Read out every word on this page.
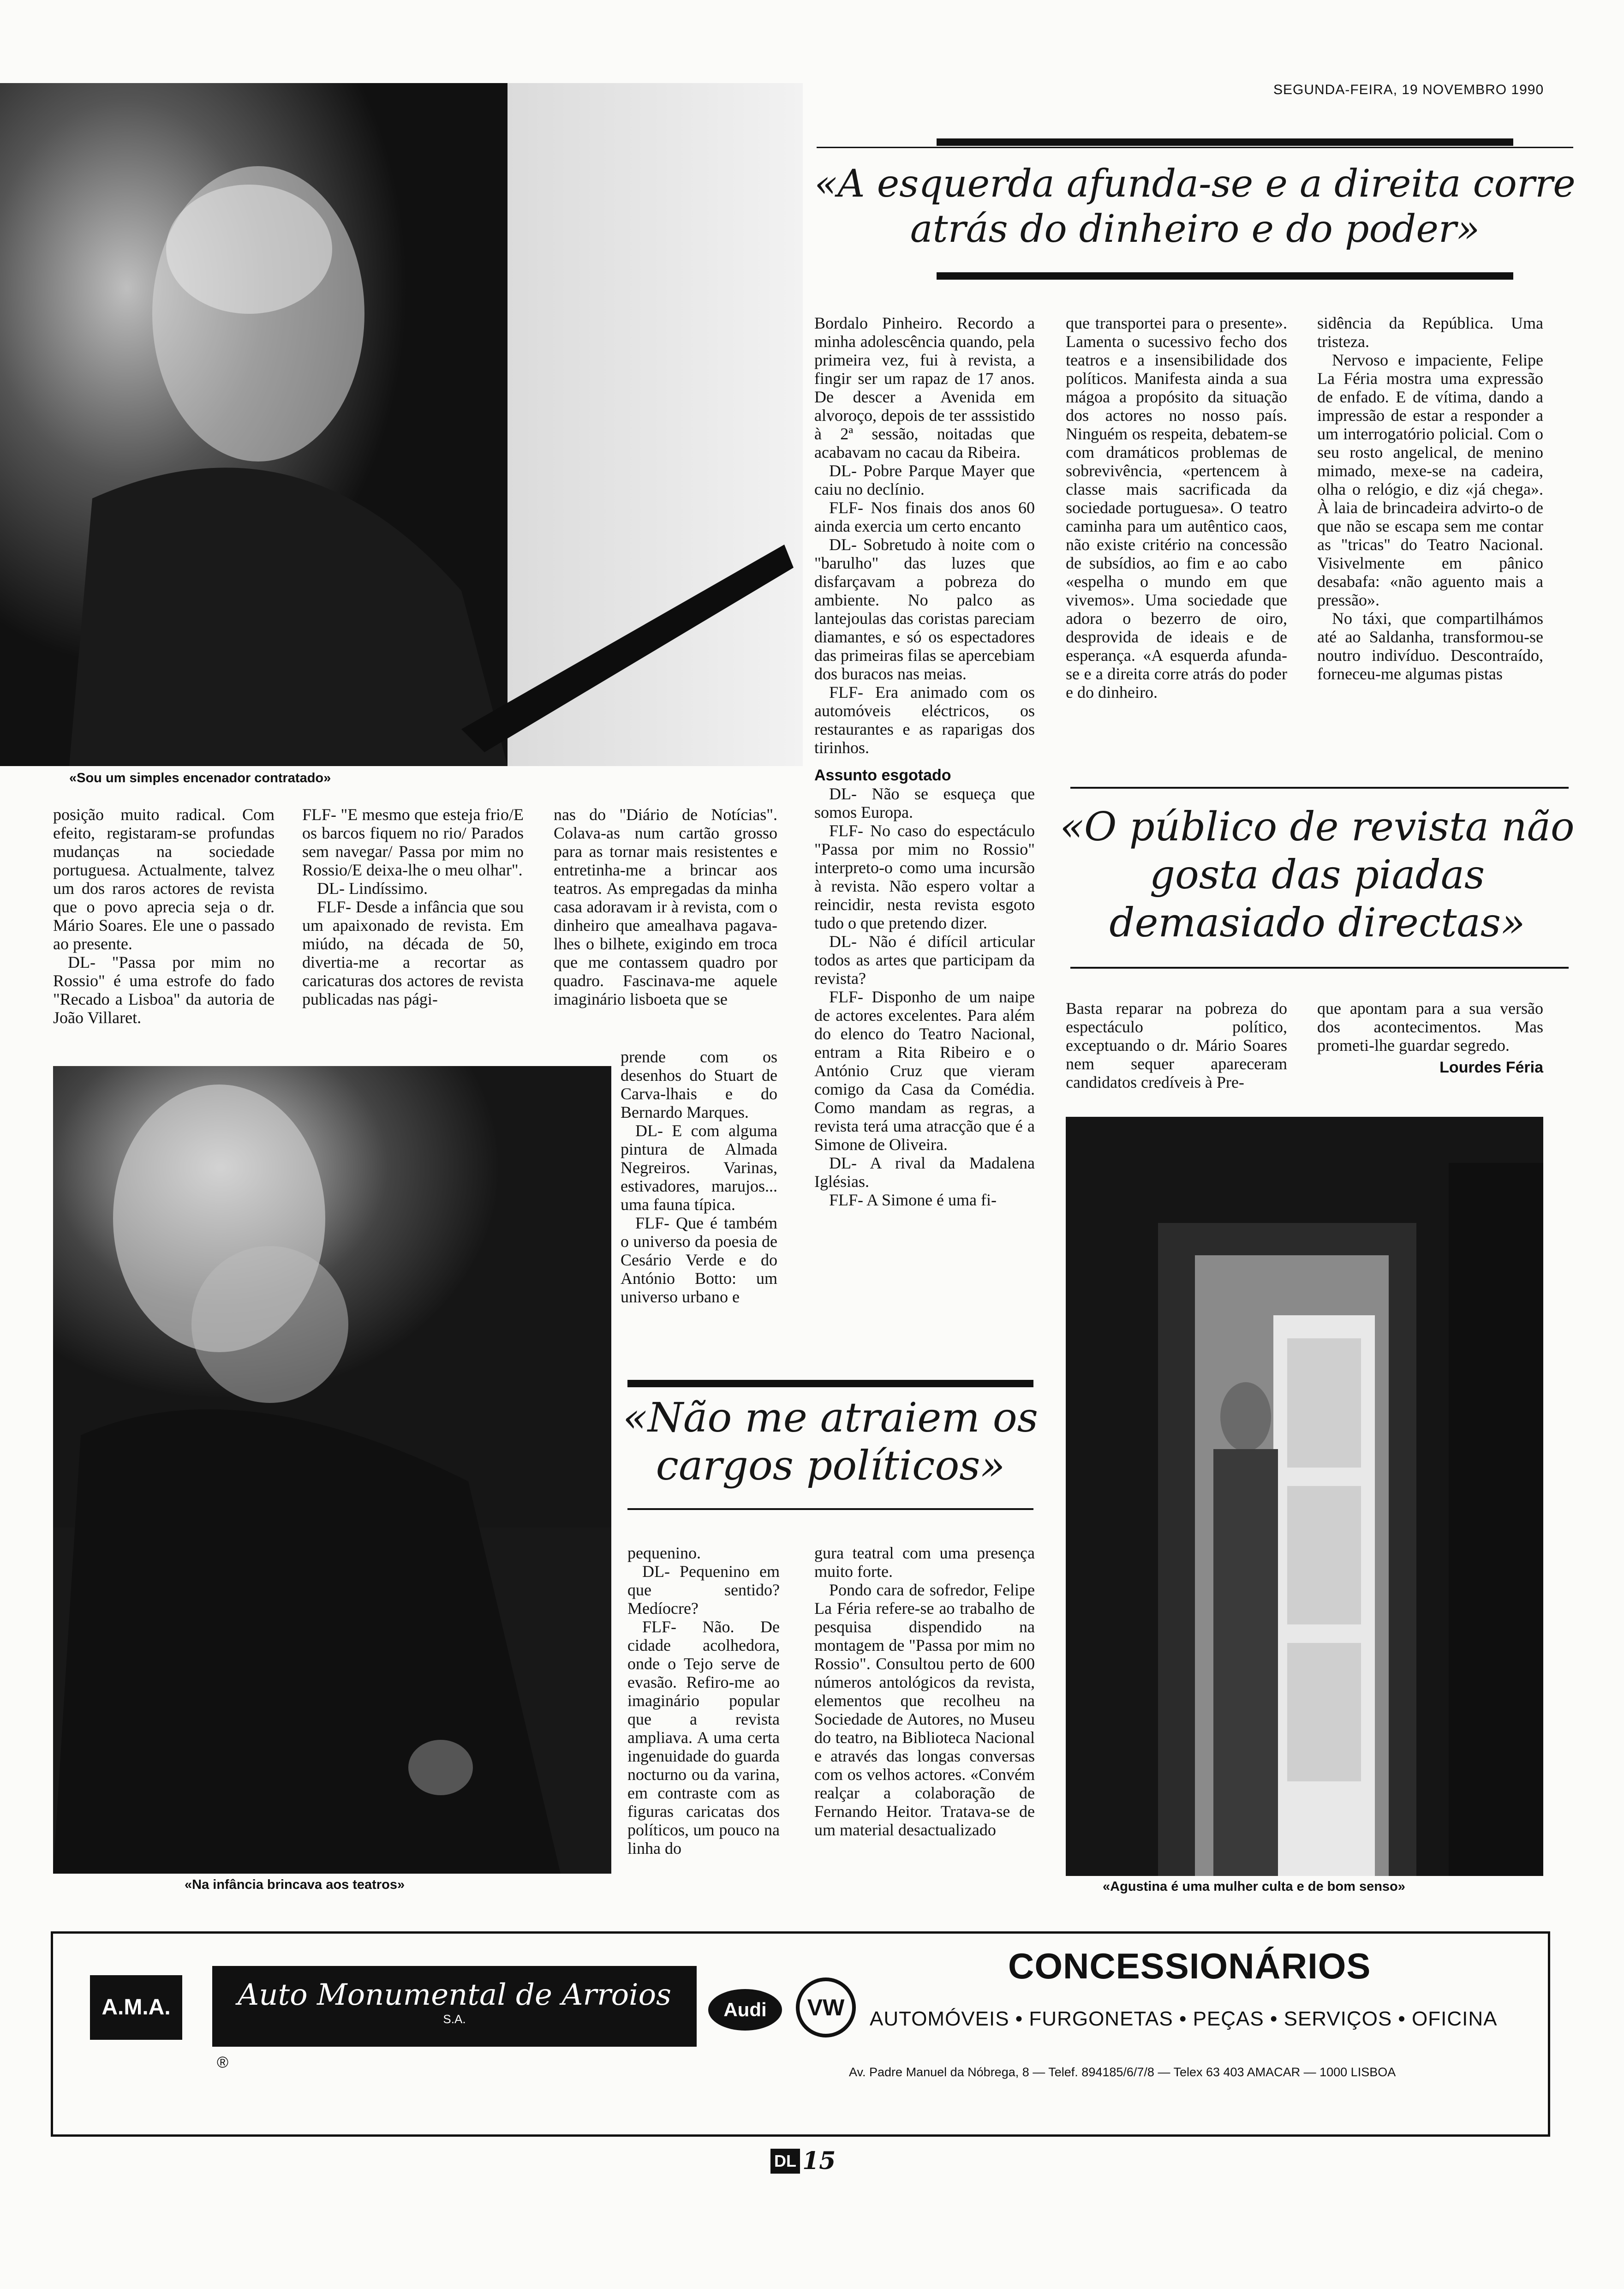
SEGUNDA-FEIRA, 19 NOVEMBRO 1990
«Sou um simples encenador contratado»
«A esquerda afunda-se e a direita corre
atrás do dinheiro e do poder»

Bordalo Pinheiro. Recordo a minha adolescência quando, pela primeira vez, fui à revista, a fingir ser um rapaz de 17 anos. De descer a Avenida em alvoroço, depois de ter asssistido à 2ª sessão, noitadas que acabavam no cacau da Ribeira.

DL- Pobre Parque Mayer que caiu no declínio.

FLF- Nos finais dos anos 60 ainda exercia um certo encanto

DL- Sobretudo à noite com o "barulho" das luzes que disfarçavam a pobreza do ambiente. No palco as lantejoulas das coristas pareciam diamantes, e só os espectadores das primeiras filas se apercebiam dos buracos nas meias.

FLF- Era animado com os automóveis eléctricos, os restaurantes e as raparigas dos tirinhos.

Assunto esgotado

DL- Não se esqueça que somos Europa.

FLF- No caso do espectáculo "Passa por mim no Rossio" interpreto-o como uma incursão à revista. Não espero voltar a reincidir, nesta revista esgoto tudo o que pretendo dizer.

DL- Não é difícil articular todos as artes que participam da revista?

FLF- Disponho de um naipe de actores excelentes. Para além do elenco do Teatro Nacional, entram a Rita Ribeiro e o António Cruz que vieram comigo da Casa da Comédia. Como mandam as regras, a revista terá uma atracção que é a Simone de Oliveira.

DL- A rival da Madalena Iglésias.

FLF- A Simone é uma fi-

que transportei para o presente». Lamenta o sucessivo fecho dos teatros e a insensibilidade dos políticos. Manifesta ainda a sua mágoa a propósito da situação dos actores no nosso país. Ninguém os respeita, debatem-se com dramáticos problemas de sobrevivência, «pertencem à classe mais sacrificada da sociedade portuguesa». O teatro caminha para um autêntico caos, não existe critério na concessão de subsídios, ao fim e ao cabo «espelha o mundo em que vivemos». Uma sociedade que adora o bezerro de oiro, desprovida de ideais e de esperança. «A esquerda afunda-se e a direita corre atrás do poder e do dinheiro.

sidência da República. Uma tristeza.

Nervoso e impaciente, Felipe La Féria mostra uma expressão de enfado. E de vítima, dando a impressão de estar a responder a um interrogatório policial. Com o seu rosto angelical, de menino mimado, mexe-se na cadeira, olha o relógio, e diz «já chega». À laia de brincadeira advirto-o de que não se escapa sem me contar as "tricas" do Teatro Nacional. Visivelmente em pânico desabafa: «não aguento mais a pressão».

No táxi, que compartilhámos até ao Saldanha, transformou-se noutro indivíduo. Descontraído, forneceu-me algumas pistas

«O público de revista não
gosta das piadas
demasiado directas»

Basta reparar na pobreza do espectáculo político, exceptuando o dr. Mário Soares nem sequer apareceram candidatos credíveis à Pre-

que apontam para a sua versão dos acontecimentos. Mas prometi-lhe guardar segredo.

Lourdes Féria

«Agustina é uma mulher culta e de bom senso»

posição muito radical. Com efeito, registaram-se profundas mudanças na sociedade portuguesa. Actualmente, talvez um dos raros actores de revista que o povo aprecia seja o dr. Mário Soares. Ele une o passado ao presente.

DL- "Passa por mim no Rossio" é uma estrofe do fado "Recado a Lisboa" da autoria de João Villaret.

FLF- "E mesmo que esteja frio/E os barcos fiquem no rio/ Parados sem navegar/ Passa por mim no Rossio/E deixa-lhe o meu olhar".

DL- Lindíssimo.

FLF- Desde a infância que sou um apaixonado de revista. Em miúdo, na década de 50, divertia-me a recortar as caricaturas dos actores de revista publicadas nas pági-

nas do "Diário de Notícias". Colava-as num cartão grosso para as tornar mais resistentes e entretinha-me a brincar aos teatros. As empregadas da minha casa adoravam ir à revista, com o dinheiro que amealhava pagava-lhes o bilhete, exigindo em troca que me contassem quadro por quadro. Fascinava-me aquele imaginário lisboeta que se

prende com os desenhos do Stuart de Carva-lhais e do Bernardo Marques.

DL- E com alguma pintura de Almada Negreiros. Varinas, estivadores, marujos... uma fauna típica.

FLF- Que é também o universo da poesia de Cesário Verde e do António Botto: um universo urbano e

«Na infância brincava aos teatros»
«Não me atraiem os
cargos políticos»

pequenino.

DL- Pequenino em que sentido? Medíocre?

FLF- Não. De cidade acolhedora, onde o Tejo serve de evasão. Refiro-me ao imaginário popular que a revista ampliava. A uma certa ingenuidade do guarda nocturno ou da varina, em contraste com as figuras caricatas dos políticos, um pouco na linha do

gura teatral com uma presença muito forte.

Pondo cara de sofredor, Felipe La Féria refere-se ao trabalho de pesquisa dispendido na montagem de "Passa por mim no Rossio". Consultou perto de 600 números antológicos da revista, elementos que recolheu na Sociedade de Autores, no Museu do teatro, na Biblioteca Nacional e através das longas conversas com os velhos actores. «Convém realçar a colaboração de Fernando Heitor. Tratava-se de um material desactualizado

A.M.A.	Auto Monumental de Arroios
S.A.
®
Audi	VW
CONCESSIONÁRIOS
AUTOMÓVEIS • FURGONETAS • PEÇAS • SERVIÇOS • OFICINA
Av. Padre Manuel da Nóbrega, 8 — Telef. 894185/6/7/8 — Telex 63 403 AMACAR — 1000 LISBOA
DL 15
